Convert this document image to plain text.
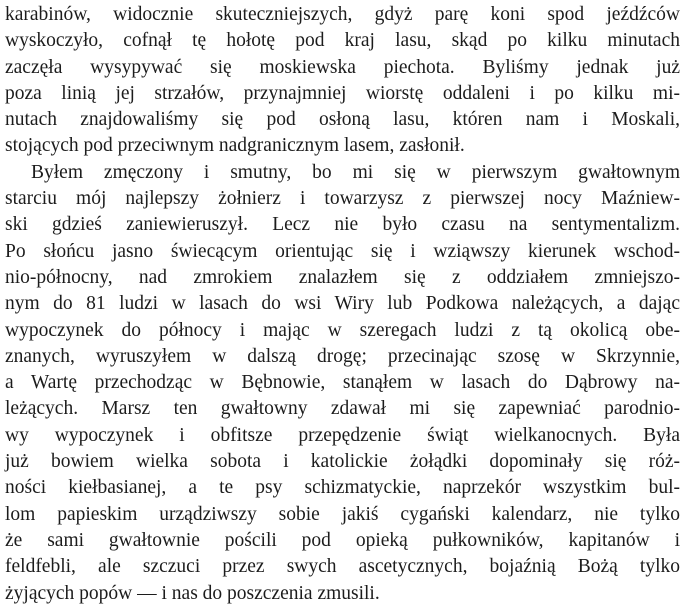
karabinów, widocznie skuteczniejszych, gdyż parę koni spod jeźdźców
wyskoczyło, cofnął tę hołotę pod kraj lasu, skąd po kilku minutach
zaczęła wysypywać się moskiewska piechota. Byliśmy jednak już
poza linią jej strzałów, przynajmniej wiorstę oddaleni i po kilku mi-
nutach znajdowaliśmy się pod osłoną lasu, któren nam i Moskali,
stojących pod przeciwnym nadgranicznym lasem, zasłonił.
Byłem zmęczony i smutny, bo mi się w pierwszym gwałtownym
starciu mój najlepszy żołnierz i towarzysz z pierwszej nocy Maźniew-
ski gdzieś zaniewieruszył. Lecz nie było czasu na sentymentalizm.
Po słońcu jasno świecącym orientując się i wziąwszy kierunek wschod-
nio-północny, nad zmrokiem znalazłem się z oddziałem zmniejszo-
nym do 81 ludzi w lasach do wsi Wiry lub Podkowa należących, a dając
wypoczynek do północy i mając w szeregach ludzi z tą okolicą obe-
znanych, wyruszyłem w dalszą drogę; przecinając szosę w Skrzynnie,
a Wartę przechodząc w Bębnowie, stanąłem w lasach do Dąbrowy na-
leżących. Marsz ten gwałtowny zdawał mi się zapewniać parodnio-
wy wypoczynek i obfitsze przepędzenie świąt wielkanocnych. Była
już bowiem wielka sobota i katolickie żołądki dopominały się róż-
ności kiełbasianej, a te psy schizmatyckie, naprzekór wszystkim bul-
lom papieskim urządziwszy sobie jakiś cygański kalendarz, nie tylko
że sami gwałtownie pościli pod opieką pułkowników, kapitanów i
feldfebli, ale szczuci przez swych ascetycznych, bojaźnią Bożą tylko
żyjących popów — i nas do poszczenia zmusili.
